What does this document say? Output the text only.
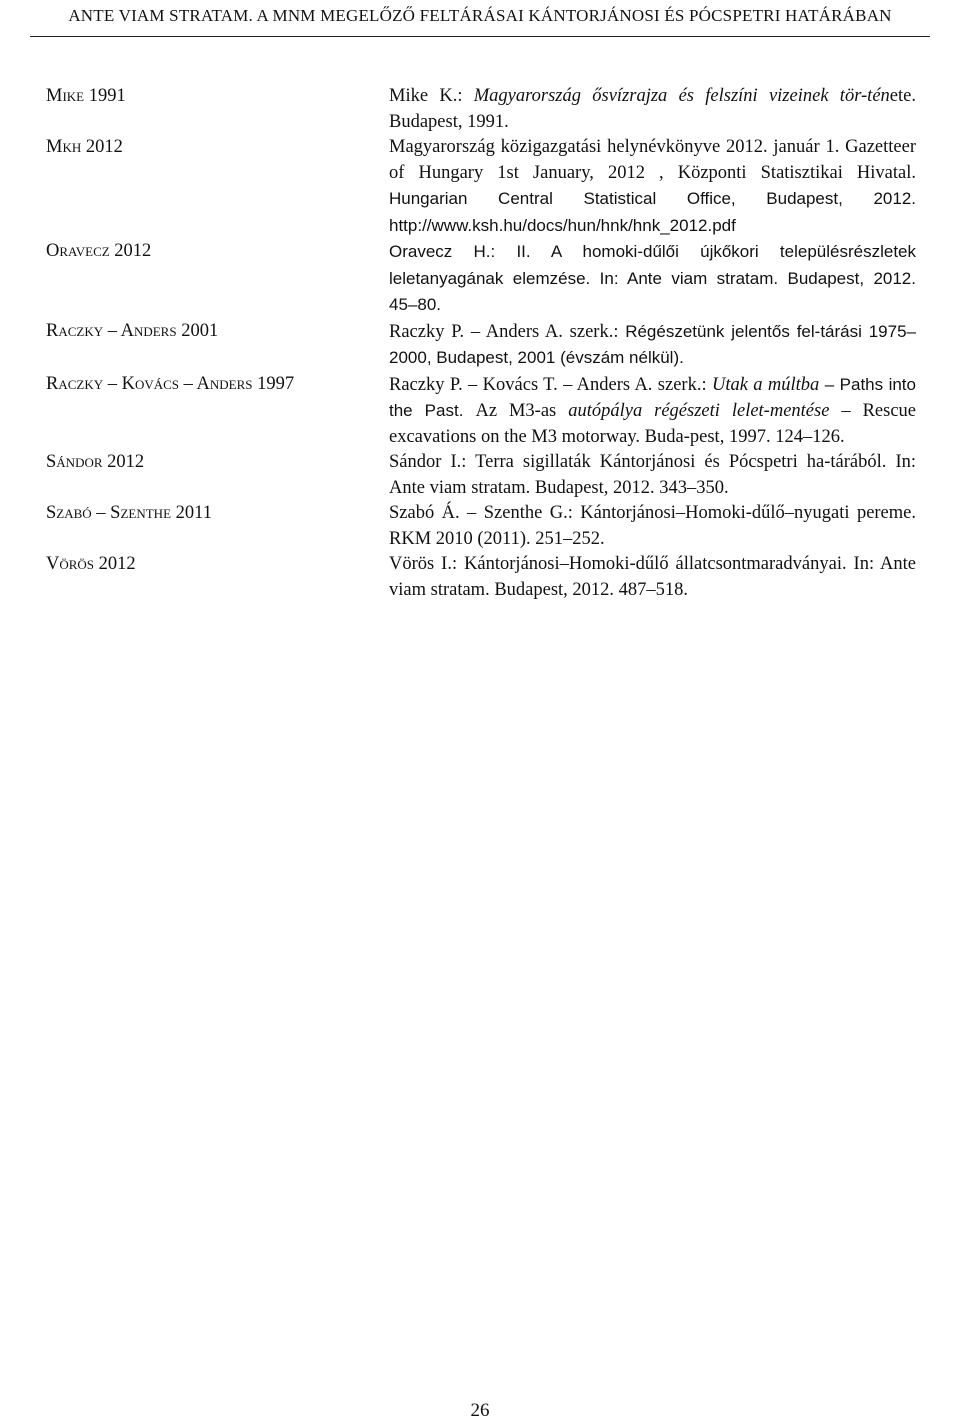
ANTE VIAM STRATAM. A MNM MEGELŐZŐ FELTÁRÁSAI KÁNTORJÁNOSI ÉS PÓCSPETRI HATÁRÁBAN
Mike 1991	Mike K.: Magyarország ősvízrajza és felszíni vizeinek tör-ténete. Budapest, 1991.
Mkh 2012	Magyarország közigazgatási helynévkönyve 2012. január 1. Gazetteer of Hungary 1st January, 2012 , Központi Statisztikai Hivatal. Hungarian Central Statistical Office, Budapest, 2012. http://www.ksh.hu/docs/hun/hnk/hnk_2012.pdf
Oravecz 2012	Oravecz H.: II. A homoki-dűlői újkőkori településrészletek leletanyagának elemzése. In: Ante viam stratam. Budapest, 2012. 45–80.
Raczky – Anders 2001	Raczky P. – Anders A. szerk.: Régészetünk jelentős fel-tárási 1975–2000, Budapest, 2001 (évszám nélkül).
Raczky – Kovács – Anders 1997	Raczky P. – Kovács T. – Anders A. szerk.: Utak a múltba – Paths into the Past. Az M3-as autópálya régészeti lelet-mentése – Rescue excavations on the M3 motorway. Buda-pest, 1997. 124–126.
Sándor 2012	Sándor I.: Terra sigillaták Kántorjánosi és Pócspetri ha-tárából. In: Ante viam stratam. Budapest, 2012. 343–350.
Szabó – Szenthe 2011	Szabó Á. – Szenthe G.: Kántorjánosi–Homoki-dűlő–nyugati pereme. RKM 2010 (2011). 251–252.
Vörös 2012	Vörös I.: Kántorjánosi–Homoki-dűlő állatcsontmaradványai. In: Ante viam stratam. Budapest, 2012. 487–518.
26
